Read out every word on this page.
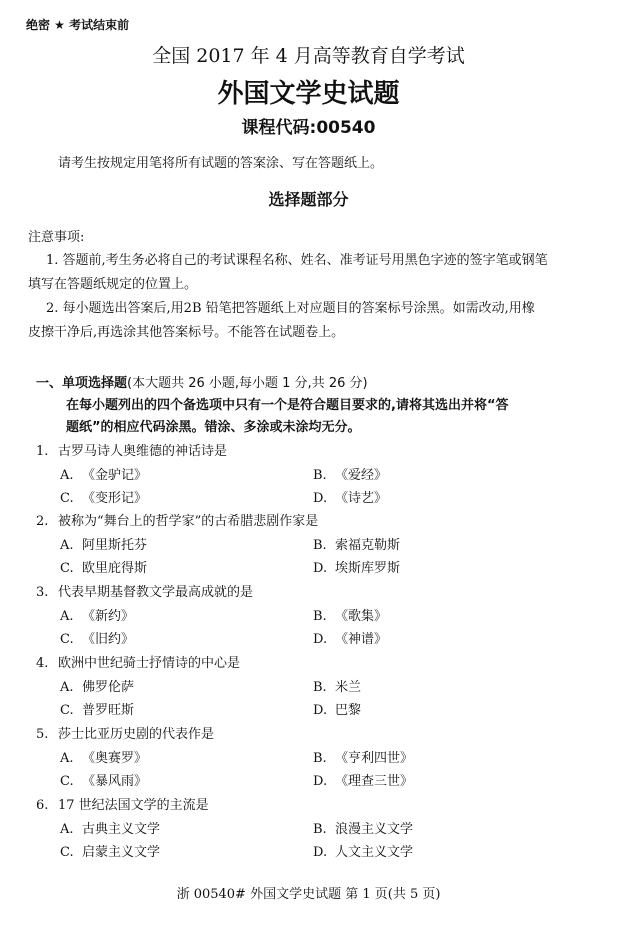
绝密 ★ 考试结束前
全国 2017 年 4 月高等教育自学考试
外国文学史试题
课程代码:00540
请考生按规定用笔将所有试题的答案涂、写在答题纸上。
选择题部分
注意事项:
1. 答题前,考生务必将自己的考试课程名称、姓名、准考证号用黑色字迹的签字笔或钢笔
填写在答题纸规定的位置上。
2. 每小题选出答案后,用2B 铅笔把答题纸上对应题目的答案标号涂黑。如需改动,用橡
皮擦干净后,再选涂其他答案标号。不能答在试题卷上。
一、单项选择题(本大题共 26 小题,每小题 1 分,共 26 分)
在每小题列出的四个备选项中只有一个是符合题目要求的,请将其选出并将“答
题纸”的相应代码涂黑。错涂、多涂或未涂均无分。
1. 古罗马诗人奥维德的神话诗是
A. 《金驴记》	B. 《爱经》
C. 《变形记》	D. 《诗艺》
2. 被称为“舞台上的哲学家”的古希腊悲剧作家是
A. 阿里斯托芬	B. 索福克勒斯
C. 欧里庇得斯	D. 埃斯库罗斯
3. 代表早期基督教文学最高成就的是
A. 《新约》	B. 《歌集》
C. 《旧约》	D. 《神谱》
4. 欧洲中世纪骑士抒情诗的中心是
A. 佛罗伦萨	B. 米兰
C. 普罗旺斯	D. 巴黎
5. 莎士比亚历史剧的代表作是
A. 《奥赛罗》	B. 《亨利四世》
C. 《暴风雨》	D. 《理查三世》
6. 17 世纪法国文学的主流是
A. 古典主义文学	B. 浪漫主义文学
C. 启蒙主义文学	D. 人文主义文学
浙 00540# 外国文学史试题 第 1 页(共 5 页)
